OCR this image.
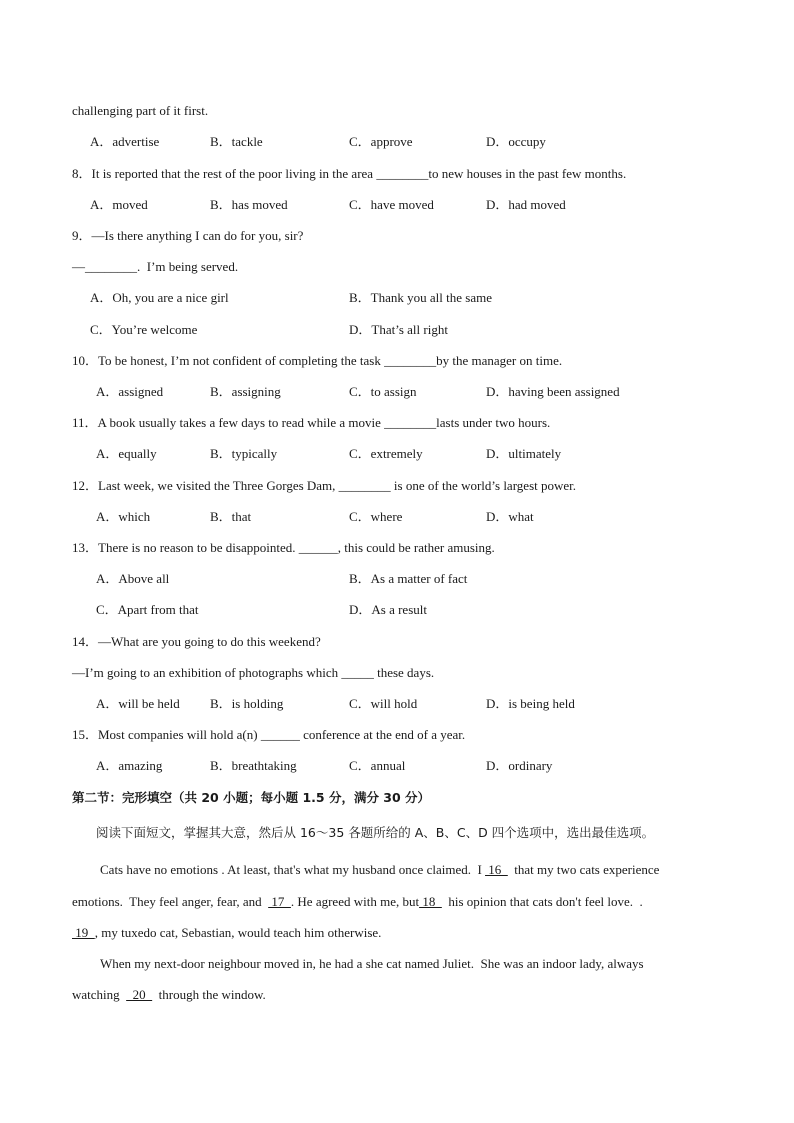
challenging part of it first.
A．advertise	B．tackle	C．approve	D．occupy
8．It is reported that the rest of the poor living in the area ________to new houses in the past few months.
A．moved	B．has moved	C．have moved	D．had moved
9．—Is there anything I can do for you, sir?
—________.  I’m being served.
A．Oh, you are a nice girl	B．Thank you all the same
C．You’re welcome	D．That’s all right
10．To be honest, I’m not confident of completing the task ________by the manager on time.
A．assigned	B．assigning	C．to assign	D．having been assigned
11．A book usually takes a few days to read while a movie ________lasts under two hours.
A．equally	B．typically	C．extremely	D．ultimately
12．Last week, we visited the Three Gorges Dam, ________ is one of the world’s largest power.
A．which	B．that	C．where	D．what
13．There is no reason to be disappointed. ______, this could be rather amusing.
A．Above all	B．As a matter of fact
C．Apart from that	D．As a result
14．—What are you going to do this weekend?
—I’m going to an exhibition of photographs which _____ these days.
A．will be held B．is holding	C．will hold	D．is being held
15．Most companies will hold a(n) ______ conference at the end of a year.
A．amazing	B．breathtaking	C．annual	D．ordinary
第二节：完形填空（共 20 小题；每小题 1.5 分，满分 30 分）
阅读下面短文，掌握其大意，然后从 16～35 各题所给的 A、B、C、D 四个选项中，选出最佳选项。
Cats have no emotions . At least, that's what my husband once claimed.  I  16    that my two cats experience
emotions.  They feel anger, fear, and   17  . He agreed with me, but 18    his opinion that cats don't feel love.  .
19  , my tuxedo cat, Sebastian, would teach him otherwise.
When my next-door neighbour moved in, he had a she cat named Juliet.  She was an indoor lady, always
watching    20    through the window.
